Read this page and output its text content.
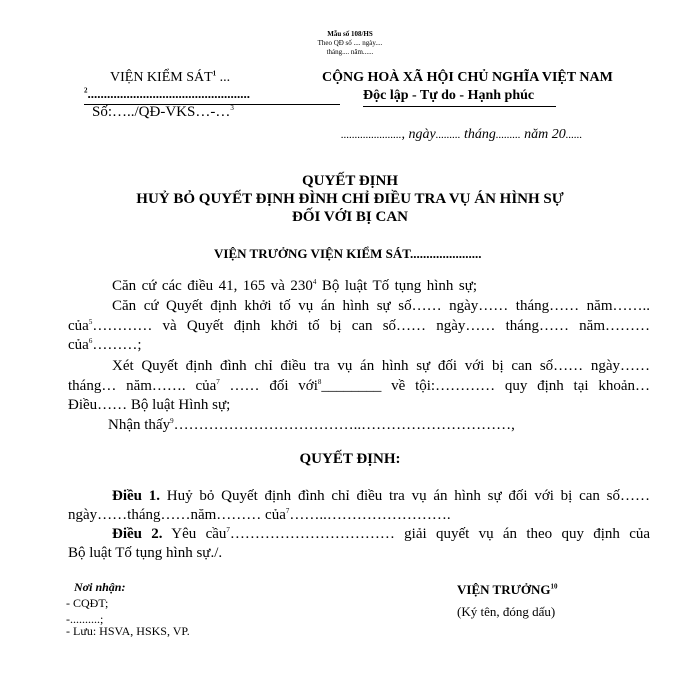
Mẫu số 108/HS
Theo QĐ số .... ngày....
tháng.... năm......
VIỆN KIỂM SÁT$^1$ ...
$^2$..................................................
Số:…../QĐ-VKS…-…$^3$
CỘNG HOÀ XÃ HỘI CHỦ NGHĨA VIỆT NAM
Độc lập - Tự do - Hạnh phúc
......................, ngày......... tháng......... năm 20......
QUYẾT ĐỊNH
HUỶ BỎ QUYẾT ĐỊNH ĐÌNH CHỈ ĐIỀU TRA VỤ ÁN HÌNH SỰ
ĐỐI VỚI BỊ CAN
VIỆN TRƯỞNG VIỆN KIỂM SÁT......................
Căn cứ các điều 41, 165 và $230^4$ Bộ luật Tố tụng hình sự;
Căn cứ Quyết định khởi tố vụ án hình sự số…… ngày…… tháng…… năm……..
của$^5$………… và Quyết định khởi tố bị can số…… ngày…… tháng…… năm………
của$^6$………;
Xét Quyết định đình chỉ điều tra vụ án hình sự đối với bị can số…… ngày……
tháng… năm……. của$^7$ …… đối với$^8$________ về tội:………… quy định tại khoản…
Điều…… Bộ luật Hình sự;
Nhận thấy$^9$………………………………..…………………………,
QUYẾT ĐỊNH:
Điều 1. Huỷ bỏ Quyết định đình chỉ điều tra vụ án hình sự đối với bị can số……
ngày……tháng……năm……… của$^7$……..…………………….
Điều 2. Yêu cầu$^7$…………………………… giải quyết vụ án theo quy định của
Bộ luật Tố tụng hình sự./.
Nơi nhận:
- CQĐT;
-..........;
- Lưu: HSVA, HSKS, VP.
VIỆN TRƯỞNG$^{10}$
(Ký tên, đóng dấu)
